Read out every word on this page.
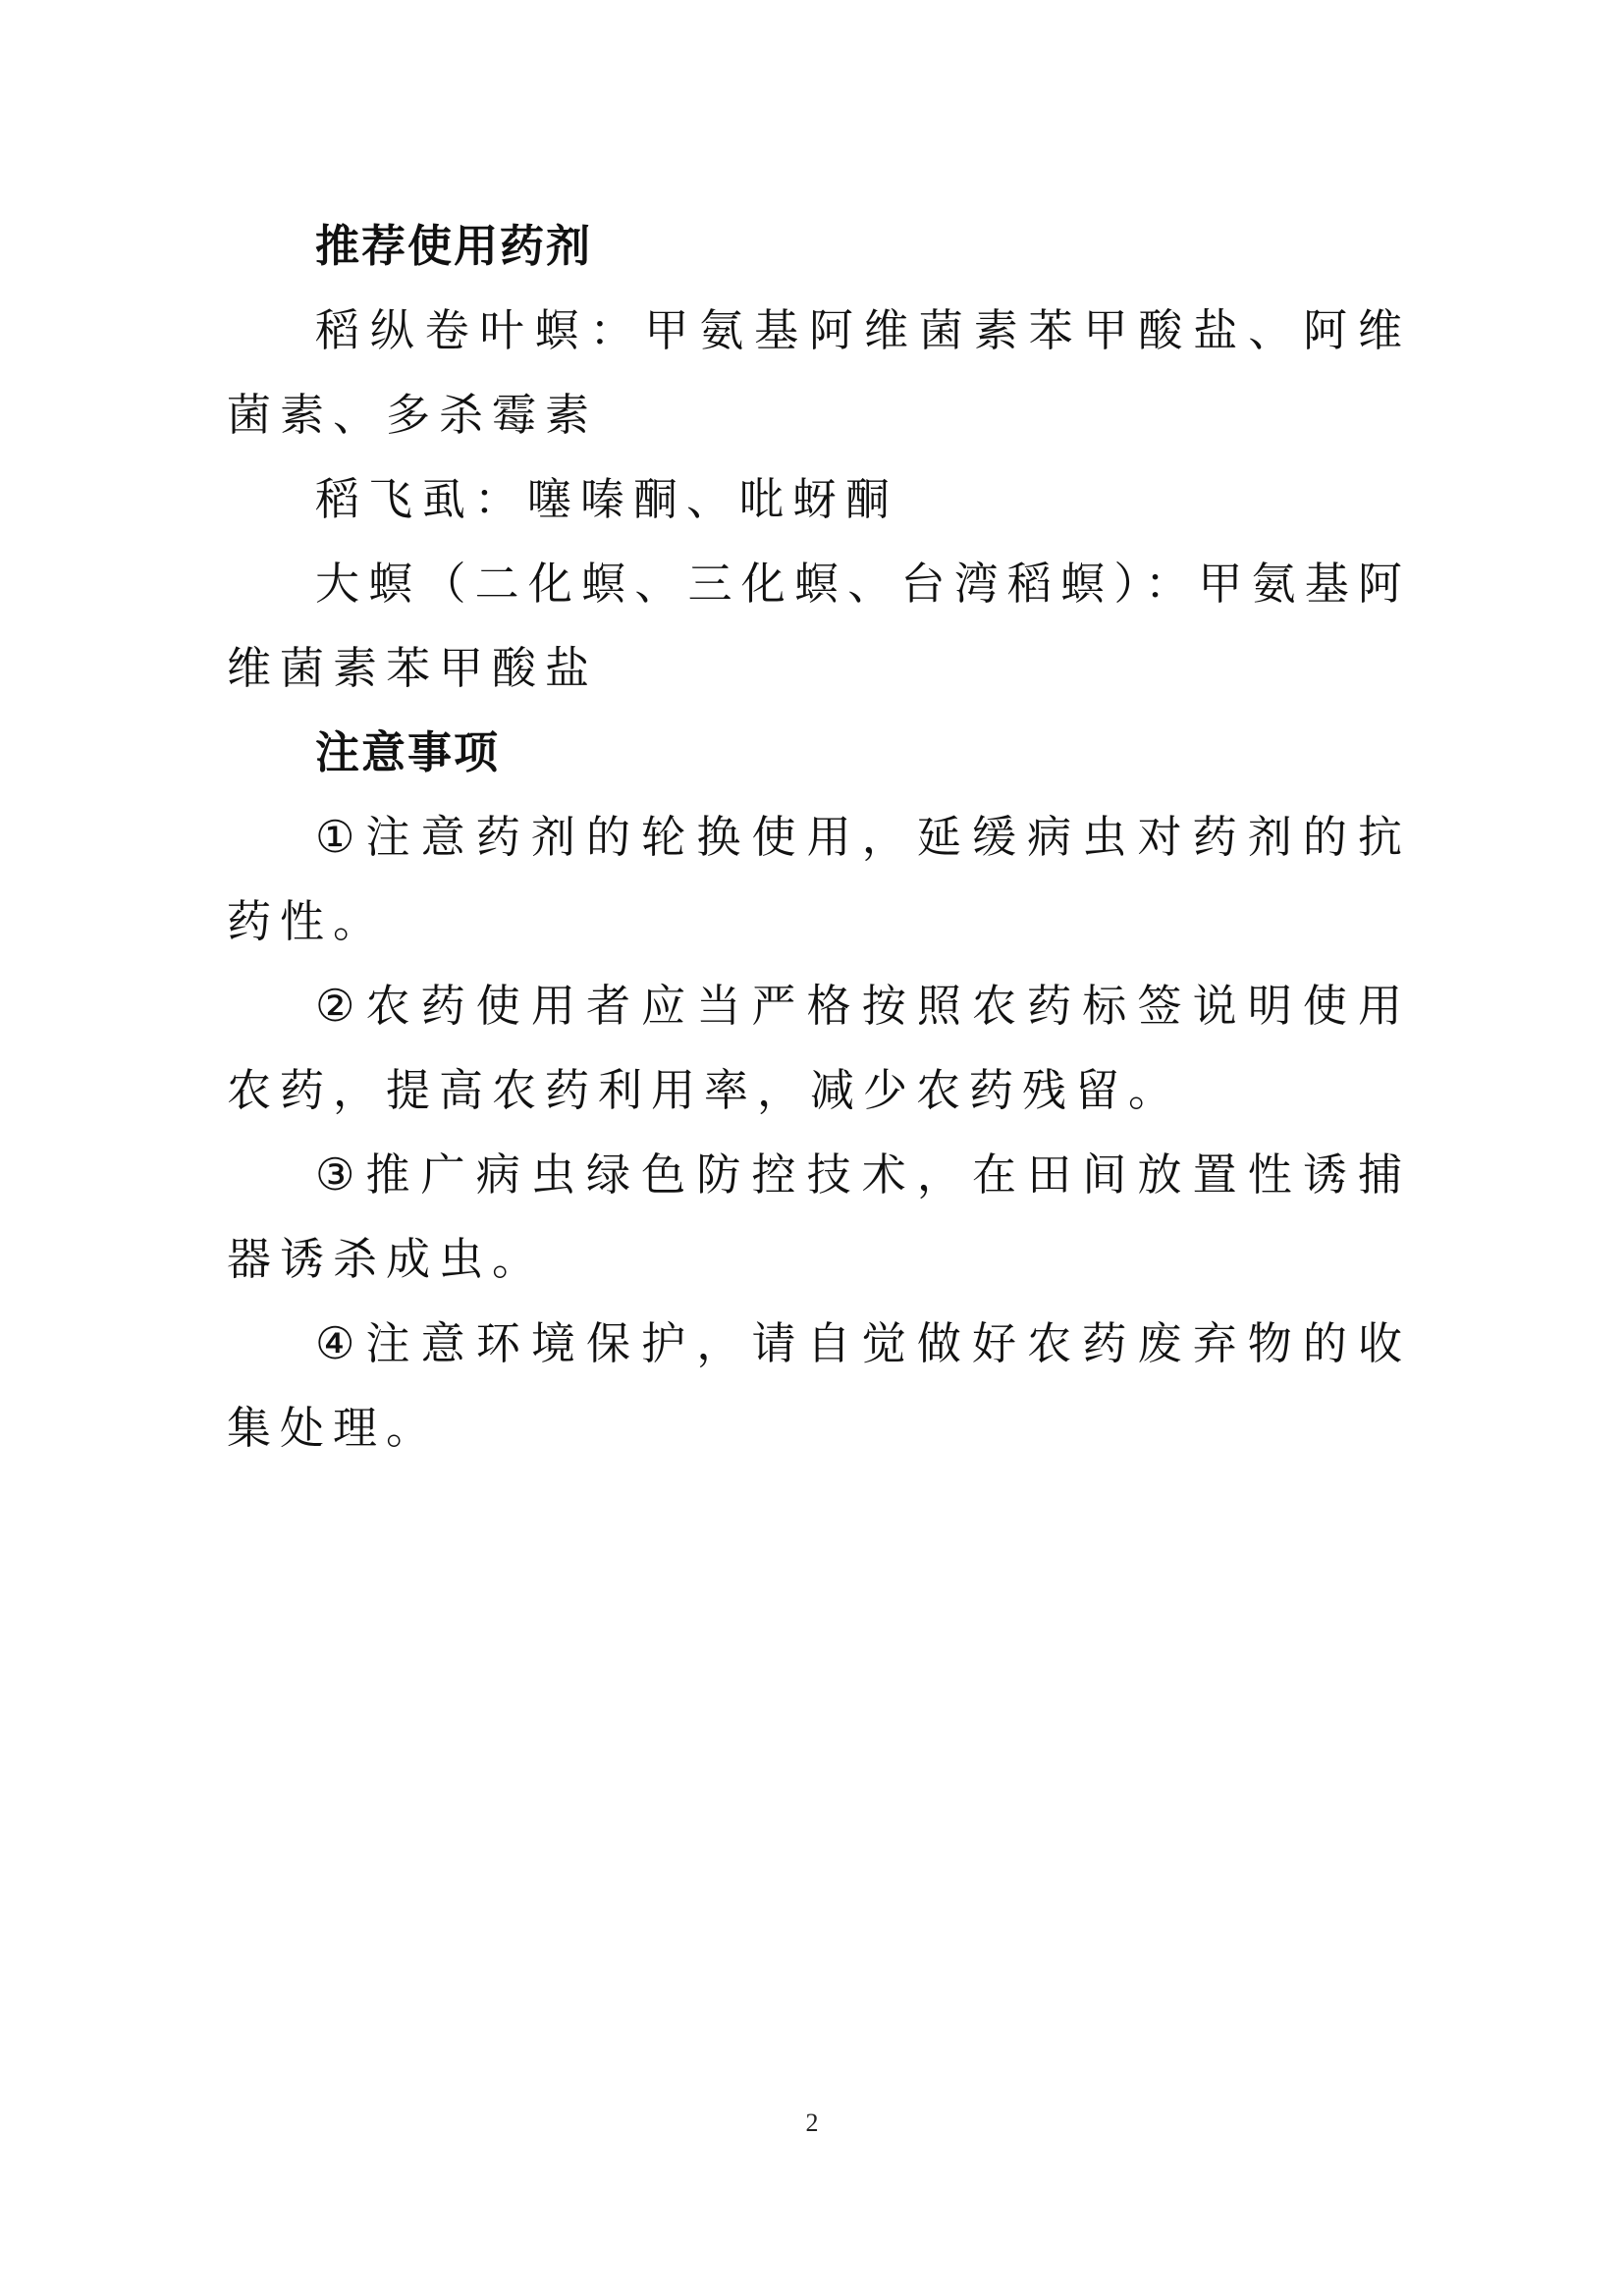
推荐使用药剂

稻纵卷叶螟：甲氨基阿维菌素苯甲酸盐、阿维菌素、多杀霉素

稻飞虱：噻嗪酮、吡蚜酮

大螟（二化螟、三化螟、台湾稻螟）：甲氨基阿维菌素苯甲酸盐

注意事项

①注意药剂的轮换使用，延缓病虫对药剂的抗药性。

②农药使用者应当严格按照农药标签说明使用农药，提高农药利用率，减少农药残留。

③推广病虫绿色防控技术，在田间放置性诱捕器诱杀成虫。

④注意环境保护，请自觉做好农药废弃物的收集处理。

2
